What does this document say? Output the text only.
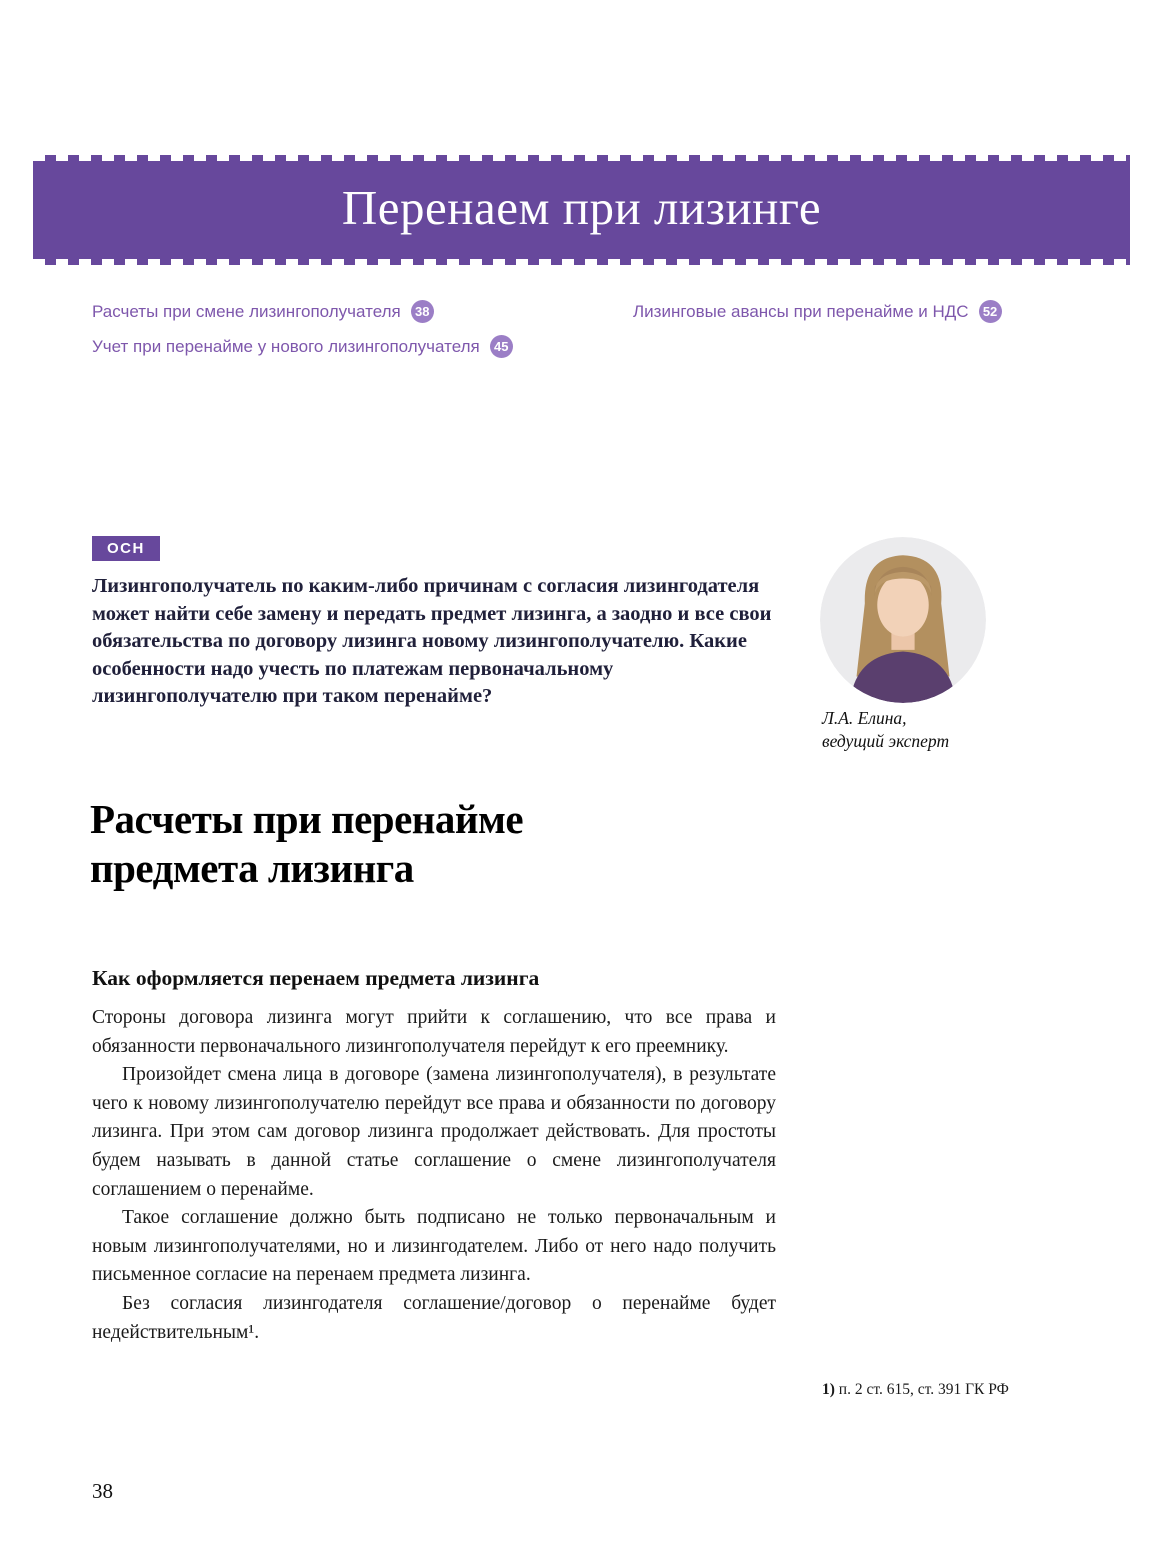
Перенаем при лизинге
Расчеты при смене лизингополучателя	38
Учет при перенайме у нового лизингополучателя	45
Лизинговые авансы при перенайме и НДС	52
ОСН
Лизингополучатель по каким-либо причинам с согласия лизингодателя может найти себе замену и передать предмет лизинга, а заодно и все свои обязательства по договору лизинга новому лизингополучателю. Какие особенности надо учесть по платежам первоначальному лизингополучателю при таком перенайме?
Л.А. Елина,
ведущий эксперт
Расчеты при перенайме предмета лизинга
Как оформляется перенаем предмета лизинга

Стороны договора лизинга могут прийти к соглашению, что все права и обязанности первоначального лизингополучателя перейдут к его преемнику.

Произойдет смена лица в договоре (замена лизингополучателя), в результате чего к новому лизингополучателю перейдут все права и обязанности по договору лизинга. При этом сам договор лизинга продолжает действовать. Для простоты будем называть в данной статье соглашение о смене лизингополучателя соглашением о перенайме.

Такое соглашение должно быть подписано не только первоначальным и новым лизингополучателями, но и лизингодателем. Либо от него надо получить письменное согласие на перенаем предмета лизинга.

Без согласия лизингодателя соглашение/договор о перенайме будет недействительным¹.

1) п. 2 ст. 615, ст. 391 ГК РФ
38
